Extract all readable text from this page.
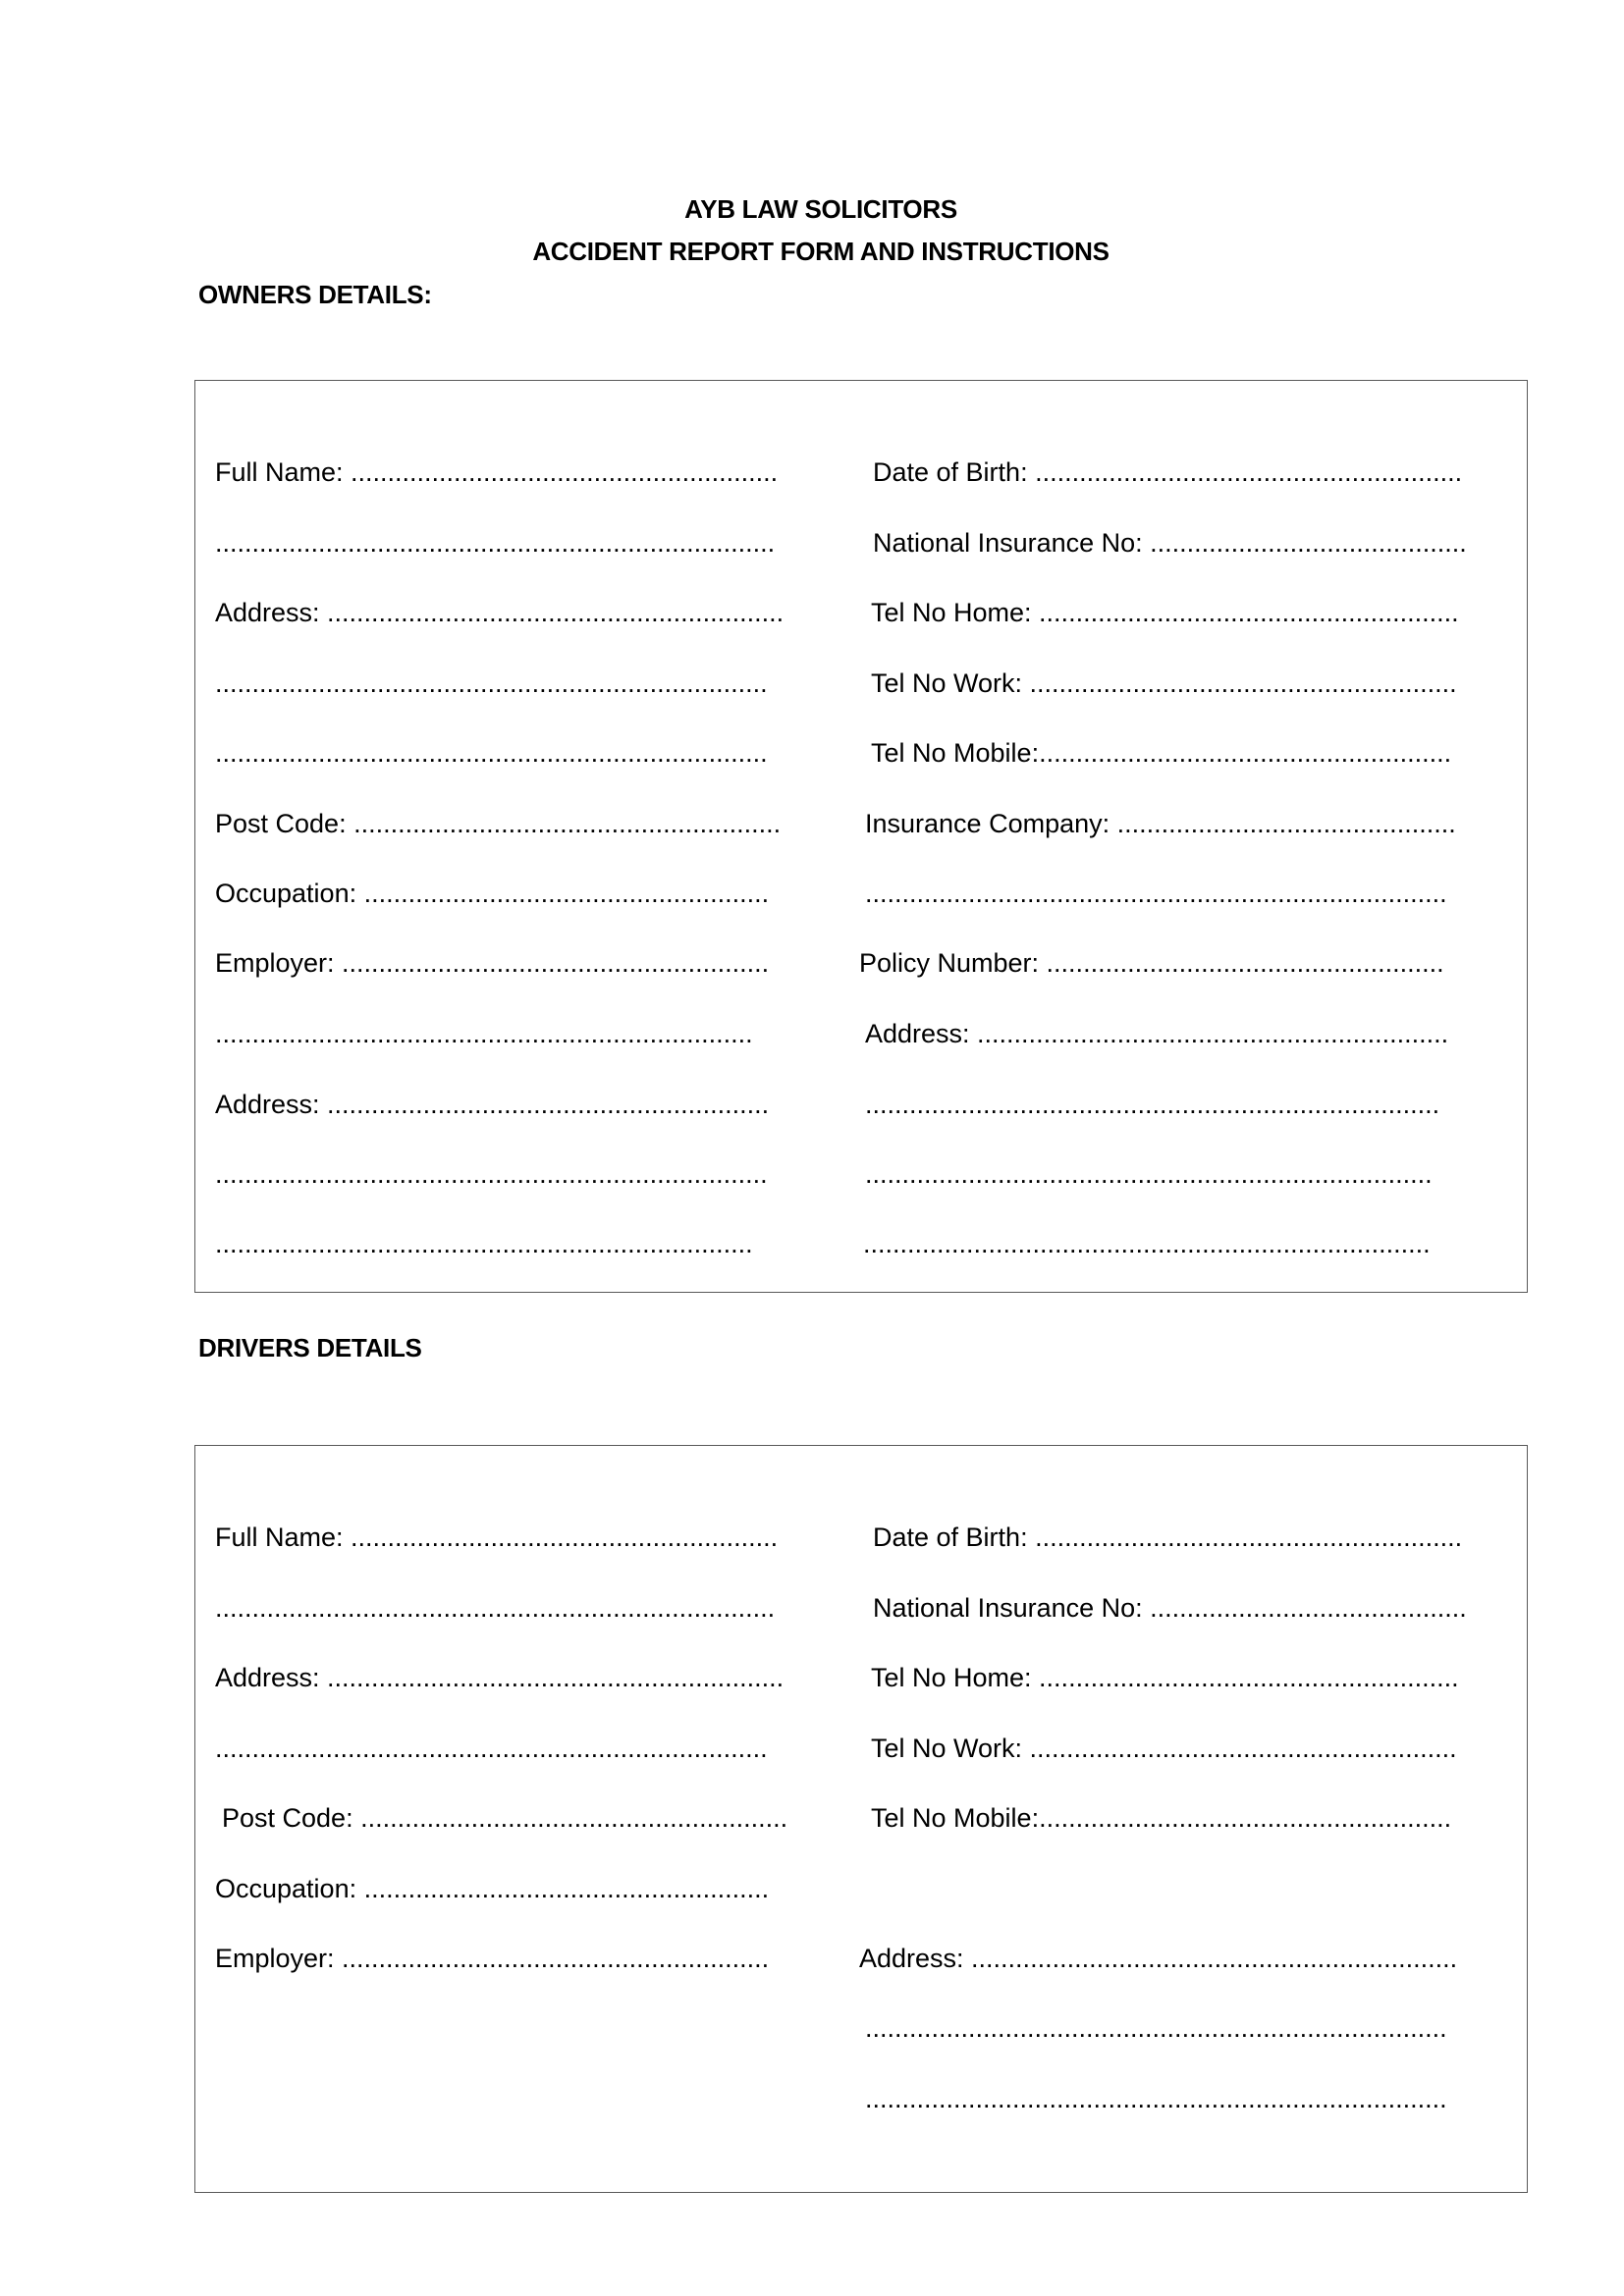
AYB LAW SOLICITORS
ACCIDENT REPORT FORM AND INSTRUCTIONS
OWNERS DETAILS:
Full Name: ..........................................................
............................................................................
Address: ..............................................................
...........................................................................
...........................................................................
Post Code: ..........................................................
Occupation: .......................................................
Employer: ..........................................................
.........................................................................
Address: ............................................................
...........................................................................
.........................................................................
Date of Birth: ..........................................................
National Insurance No: ...........................................
Tel No Home: .........................................................
Tel No Work: ..........................................................
Tel No Mobile:........................................................
Insurance Company: ..............................................
...............................................................................
Policy Number: ......................................................
Address: ................................................................
..............................................................................
.............................................................................
.............................................................................
DRIVERS DETAILS
Full Name: ..........................................................
............................................................................
Address: ..............................................................
...........................................................................
Post Code: ..........................................................
Occupation: .......................................................
Employer: ..........................................................
Date of Birth: ..........................................................
National Insurance No: ...........................................
Tel No Home: .........................................................
Tel No Work: ..........................................................
Tel No Mobile:........................................................
Address: ..................................................................
...............................................................................
...............................................................................
